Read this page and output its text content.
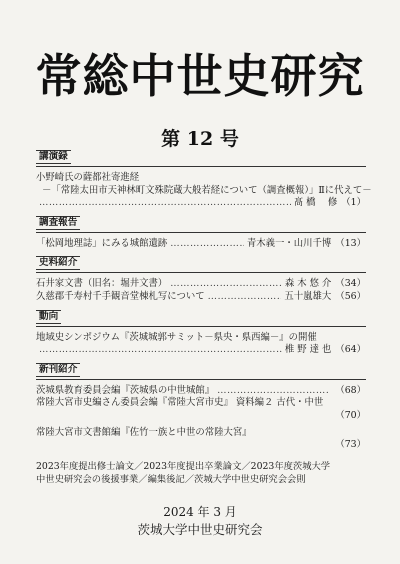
常総中世史研究
第 12 号
講演録
小野崎氏の薩都社寄進経
－「常陸太田市天神林町文殊院蔵大般若経について（調査概報）」Ⅱに代えて－
…………………………………………………………………………………………………………
髙 橋　 修 （1）
調査報告
「松岡地理誌」にみる城館遺跡 …………………………………………………………………………………………………………	青木義一・山川千博 （13）
史料紹介
石井家文書（旧名：堀井文書） …………………………………………………………………………………………………………	森 木 悠 介 （34）
久慈郡千寿村千手観音堂棟札写について …………………………………………………………………………………………………………	五十嵐雄大 （56）
動向
地域史シンポジウム『茨城城郭サミット－県央・県西編－』の開催
…………………………………………………………………………………………………………
椎 野 達 也 （64）
新刊紹介
茨城県教育委員会編『茨城県の中世城館』 …………………………………………………………………………………………………………	（68）
常陸大宮市史編さん委員会編『常陸大宮市史』 資料編２ 古代・中世
（70）
常陸大宮市文書館編『佐竹一族と中世の常陸大宮』
（73）
2023年度提出修士論文／2023年度提出卒業論文／2023年度茨城大学
中世史研究会の後援事業／編集後記／茨城大学中世史研究会会則
2024 年 3 月
茨城大学中世史研究会
